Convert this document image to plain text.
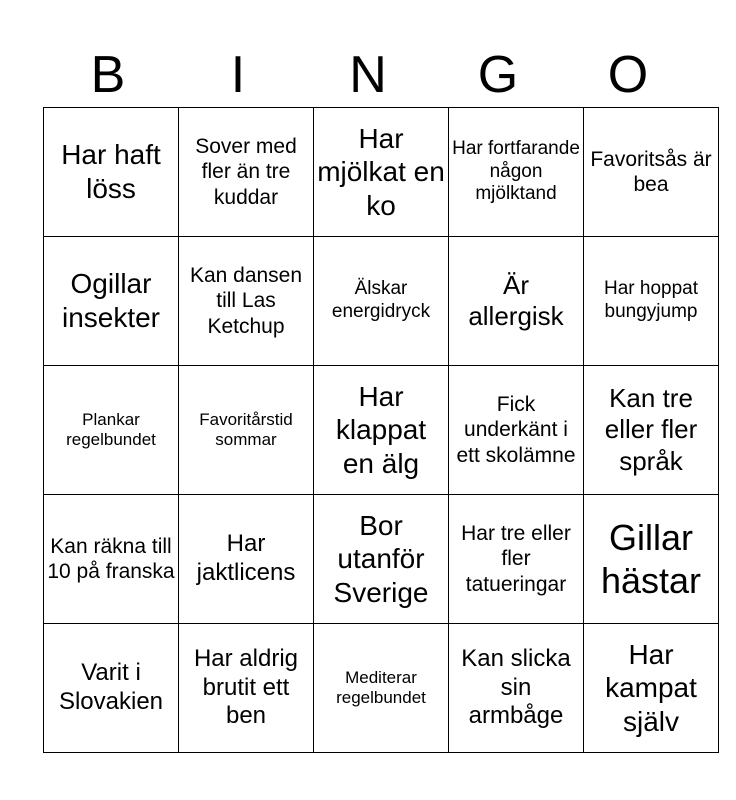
B	I	N	G	O
Har haft löss	Sover med fler än tre kuddar	Har mjölkat en ko	Har fortfarande någon mjölktand	Favoritsås är bea
Ogillar insekter	Kan dansen till Las Ketchup	Älskar energidryck	Är allergisk	Har hoppat bungyjump
Plankar regelbundet	Favoritårstid sommar	Har klappat en älg	Fick underkänt i ett skolämne	Kan tre eller fler språk
Kan räkna till 10 på franska	Har jaktlicens	Bor utanför Sverige	Har tre eller fler tatueringar	Gillar hästar
Varit i Slovakien	Har aldrig brutit ett ben	Mediterar regelbundet	Kan slicka sin armbåge	Har kampat själv
